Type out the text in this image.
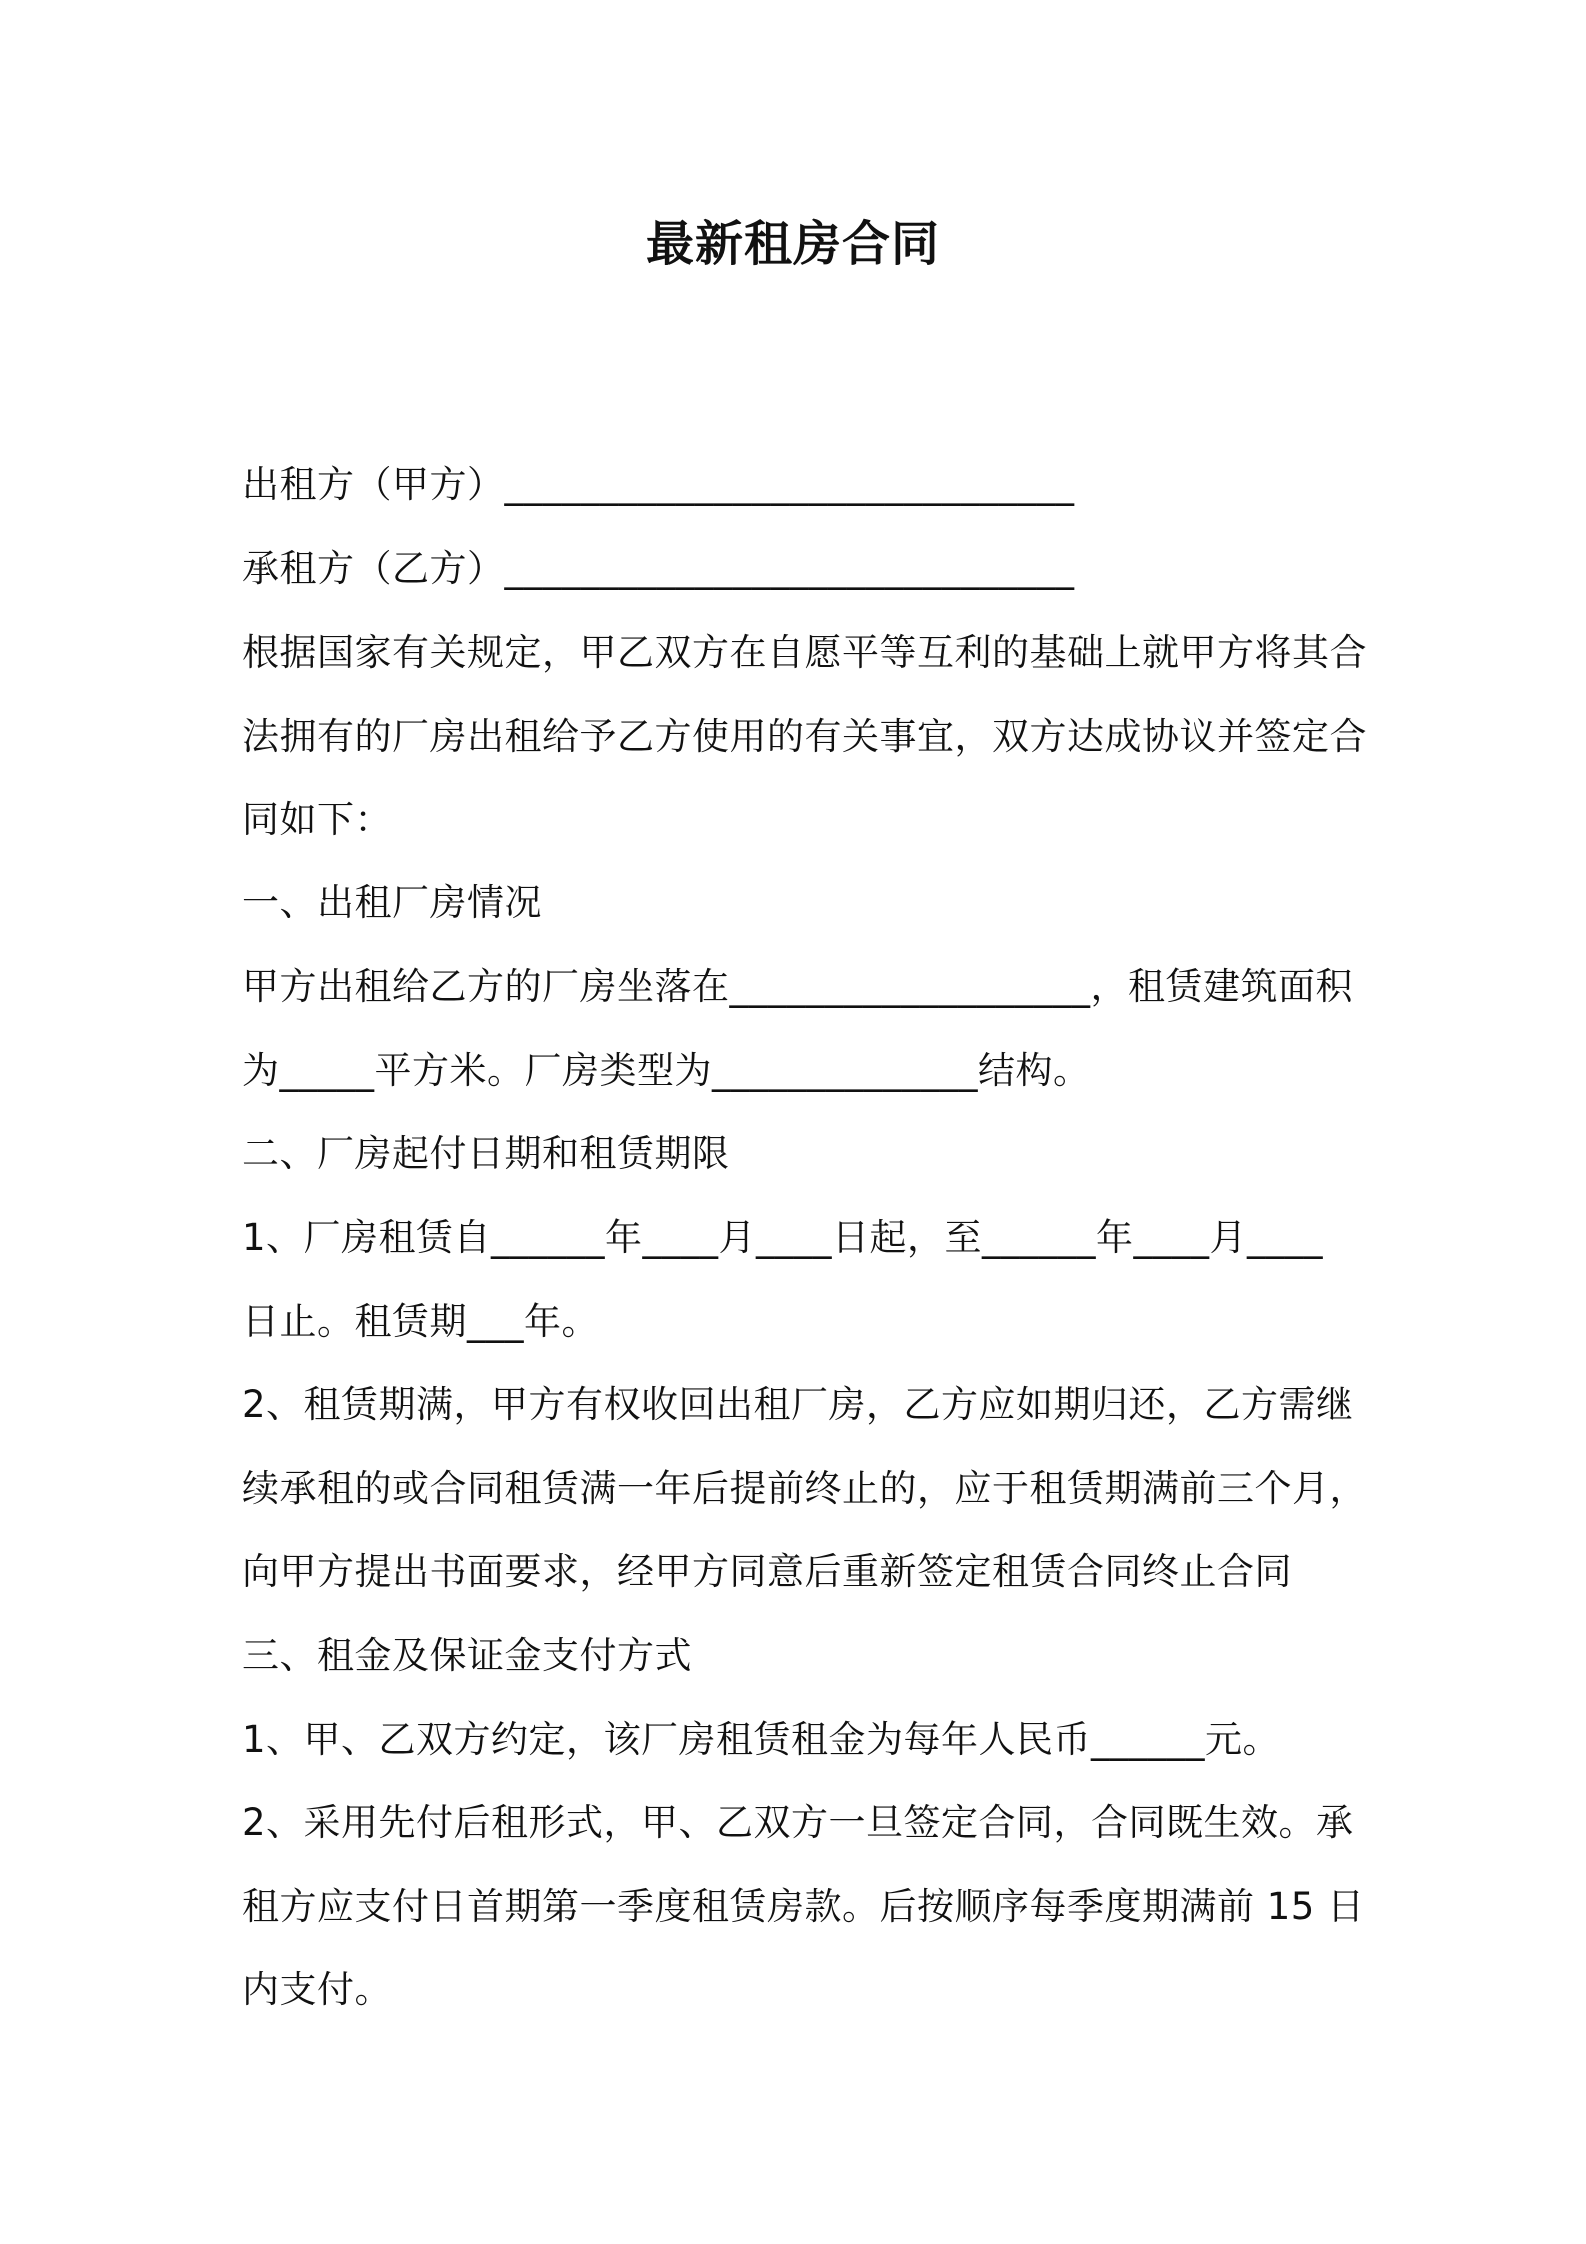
最新租房合同
出租方（甲方）______________________________
承租方（乙方）______________________________
根据国家有关规定，甲乙双方在自愿平等互利的基础上就甲方将其合
法拥有的厂房出租给予乙方使用的有关事宜，双方达成协议并签定合
同如下：
一、出租厂房情况
甲方出租给乙方的厂房坐落在___________________，租赁建筑面积
为_____平方米。厂房类型为______________结构。
二、厂房起付日期和租赁期限
1、厂房租赁自______年____月____日起，至______年____月____
日止。租赁期___年。
2、租赁期满，甲方有权收回出租厂房，乙方应如期归还，乙方需继
续承租的或合同租赁满一年后提前终止的，应于租赁期满前三个月，
向甲方提出书面要求，经甲方同意后重新签定租赁合同终止合同
三、租金及保证金支付方式
1、甲、乙双方约定，该厂房租赁租金为每年人民币______元。
2、采用先付后租形式，甲、乙双方一旦签定合同，合同既生效。承
租方应支付日首期第一季度租赁房款。后按顺序每季度期满前 15 日
内支付。
